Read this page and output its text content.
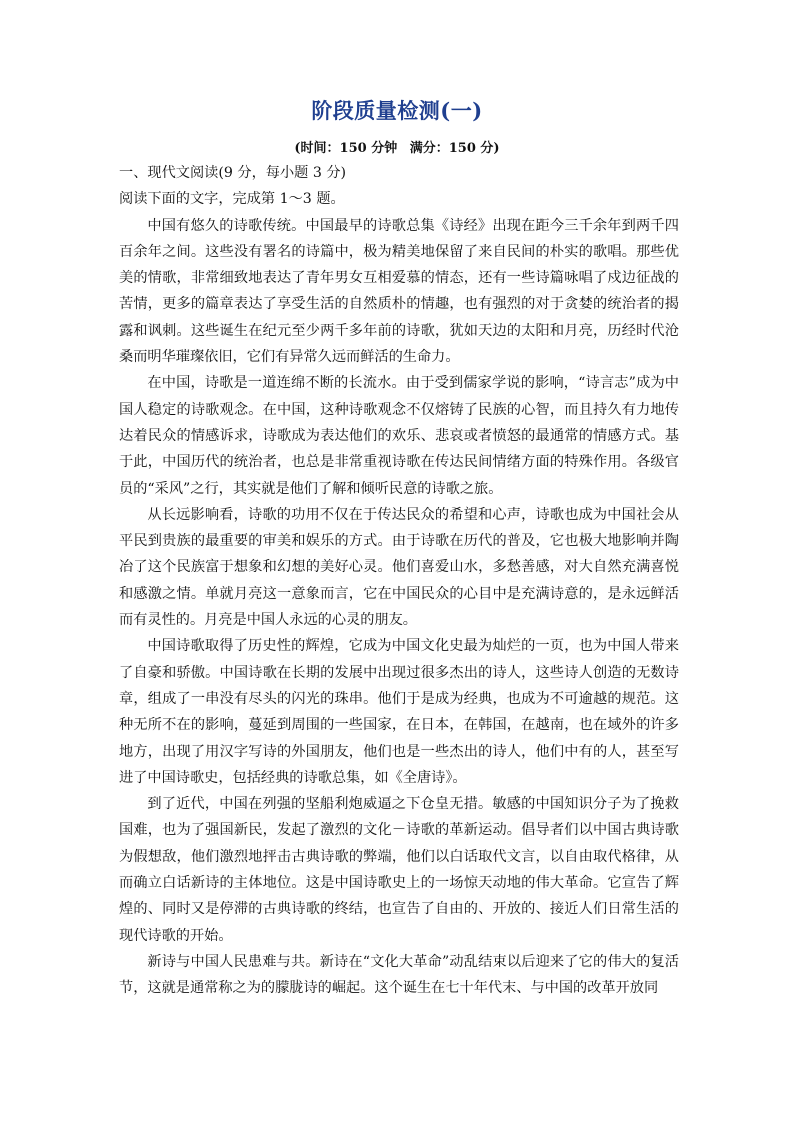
阶段质量检测(一)

(时间：150 分钟 满分：150 分)

一、现代文阅读(9 分，每小题 3 分)

阅读下面的文字，完成第 1～3 题。

中国有悠久的诗歌传统。中国最早的诗歌总集《诗经》出现在距今三千余年到两千四百余年之间。这些没有署名的诗篇中，极为精美地保留了来自民间的朴实的歌唱。那些优美的情歌，非常细致地表达了青年男女互相爱慕的情态，还有一些诗篇咏唱了戍边征战的苦情，更多的篇章表达了享受生活的自然质朴的情趣，也有强烈的对于贪婪的统治者的揭露和讽刺。这些诞生在纪元至少两千多年前的诗歌，犹如天边的太阳和月亮，历经时代沧桑而明华璀璨依旧，它们有异常久远而鲜活的生命力。

在中国，诗歌是一道连绵不断的长流水。由于受到儒家学说的影响，“诗言志”成为中国人稳定的诗歌观念。在中国，这种诗歌观念不仅熔铸了民族的心智，而且持久有力地传达着民众的情感诉求，诗歌成为表达他们的欢乐、悲哀或者愤怒的最通常的情感方式。基于此，中国历代的统治者，也总是非常重视诗歌在传达民间情绪方面的特殊作用。各级官员的“采风”之行，其实就是他们了解和倾听民意的诗歌之旅。

从长远影响看，诗歌的功用不仅在于传达民众的希望和心声，诗歌也成为中国社会从平民到贵族的最重要的审美和娱乐的方式。由于诗歌在历代的普及，它也极大地影响并陶冶了这个民族富于想象和幻想的美好心灵。他们喜爱山水，多愁善感，对大自然充满喜悦和感激之情。单就月亮这一意象而言，它在中国民众的心目中是充满诗意的，是永远鲜活而有灵性的。月亮是中国人永远的心灵的朋友。

中国诗歌取得了历史性的辉煌，它成为中国文化史最为灿烂的一页，也为中国人带来了自豪和骄傲。中国诗歌在长期的发展中出现过很多杰出的诗人，这些诗人创造的无数诗章，组成了一串没有尽头的闪光的珠串。他们于是成为经典，也成为不可逾越的规范。这种无所不在的影响，蔓延到周围的一些国家，在日本，在韩国，在越南，也在域外的许多地方，出现了用汉字写诗的外国朋友，他们也是一些杰出的诗人，他们中有的人，甚至写进了中国诗歌史，包括经典的诗歌总集，如《全唐诗》。

到了近代，中国在列强的坚船利炮威逼之下仓皇无措。敏感的中国知识分子为了挽救国难，也为了强国新民，发起了激烈的文化－诗歌的革新运动。倡导者们以中国古典诗歌为假想敌，他们激烈地抨击古典诗歌的弊端，他们以白话取代文言，以自由取代格律，从而确立白话新诗的主体地位。这是中国诗歌史上的一场惊天动地的伟大革命。它宣告了辉煌的、同时又是停滞的古典诗歌的终结，也宣告了自由的、开放的、接近人们日常生活的现代诗歌的开始。

新诗与中国人民患难与共。新诗在“文化大革命”动乱结束以后迎来了它的伟大的复活节，这就是通常称之为的朦胧诗的崛起。这个诞生在七十年代末、与中国的改革开放同
